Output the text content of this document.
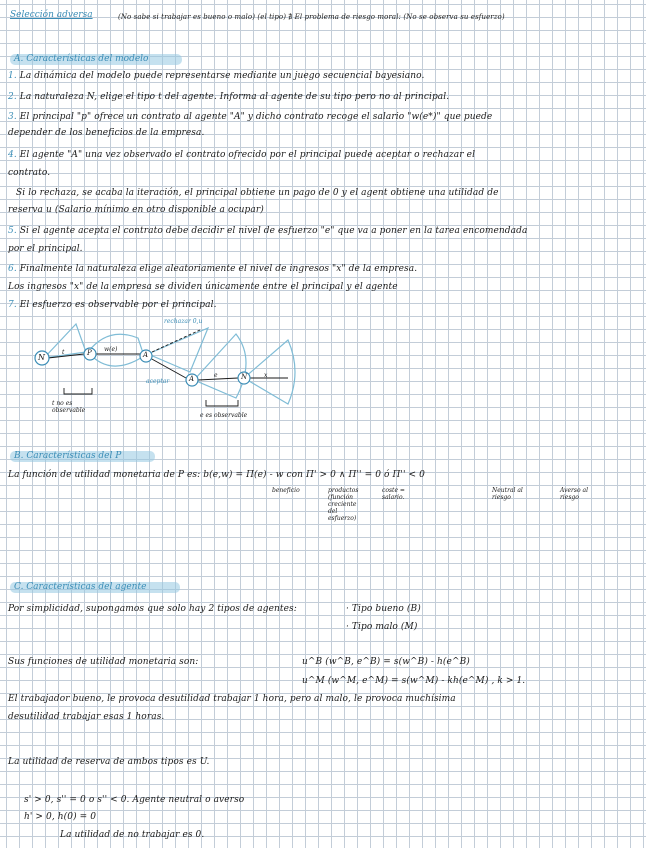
Selección adversa	(No sabe si trabajar es bueno o malo) (el tipo) ∄ El problema de riesgo moral: (No se observa su esfuerzo)
A. Características del modelo
1. La dinámica del modelo puede representarse mediante un juego secuencial bayesiano.
2. La naturaleza N, elige el tipo t del agente. Informa al agente de su tipo pero no al principal.
3. El principal "p" ofrece un contrato al agente "A" y dicho contrato recoge el salario "w(e*)" que puede
depender de los beneficios de la empresa.
4. El agente "A" una vez observado el contrato ofrecido por el principal puede aceptar o rechazar el
contrato.
Si lo rechaza, se acaba la iteración, el principal obtiene un pago de 0 y el agent obtiene una utilidad de
reserva u (Salario mínimo en otro disponible a ocupar)
5. Si el agente acepta el contrato debe decidir el nivel de esfuerzo "e" que va a poner en la tarea encomendada
por el principal.
6. Finalmente la naturaleza elige aleatoriamente el nivel de ingresos "x" de la empresa.
Los ingresos "x" de la empresa se dividen únicamente entre el principal y el agente
7. El esfuerzo es observable por el principal.
N	P	A
A	N
t	w(e)
rechazar 0,u
aceptar
e	x
t no es observable
e es observable
B. Características del P
La función de utilidad monetaria de P es: b(e,w) = Π(e) - w con Π' > 0 ∧ Π'' = 0 ó Π'' < 0
beneficio	productos (función creciente del esfuerzo)
coste = salario.
Neutral al riesgo
Averso al riesgo
C. Características del agente
Por simplicidad, supongamos que solo hay 2 tipos de agentes:	· Tipo bueno (B)
· Tipo malo (M)
Sus funciones de utilidad monetaria son:	u^B (w^B, e^B) = s(w^B) - h(e^B)
u^M (w^M, e^M) = s(w^M) - kh(e^M) , k > 1.
El trabajador bueno, le provoca desutilidad trabajar 1 hora, pero al malo, le provoca muchísima
desutilidad trabajar esas 1 horas.
La utilidad de reserva de ambos tipos es U.
s' > 0, s'' = 0 o s'' < 0. Agente neutral o averso
h' > 0, h(0) = 0
La utilidad de no trabajar es 0.
